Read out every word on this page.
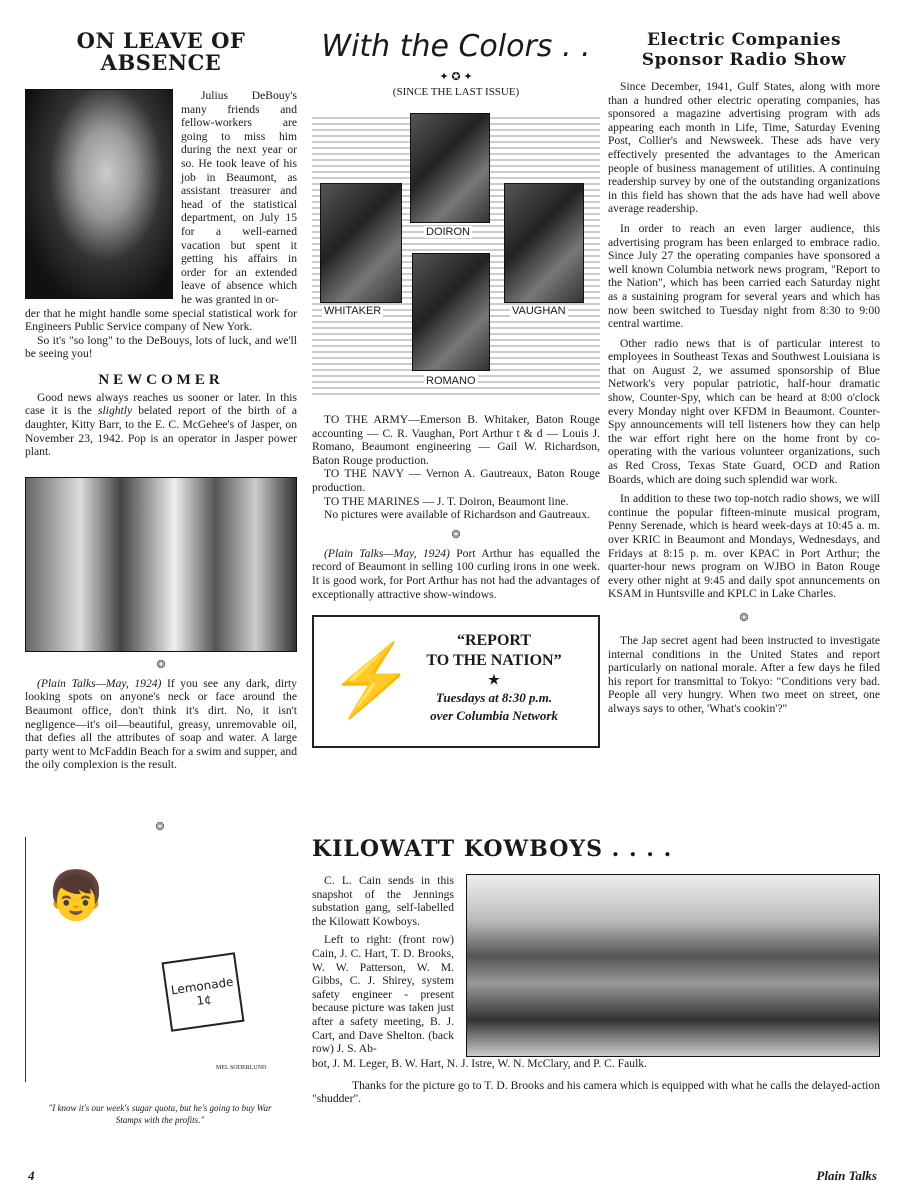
ON LEAVE OF ABSENCE

Julius DeBouy's many friends and fellow-workers are going to miss him during the next year or so. He took leave of his job in Beaumont, as assistant treasurer and head of the statistical department, on July 15 for a well-earned vacation but spent it getting his affairs in order for an extended leave of absence which he was granted in or-

der that he might handle some special statistical work for Engineers Public Service company of New York.

So it's "so long" to the DeBouys, lots of luck, and we'll be seeing you!

NEWCOMER

Good news always reaches us sooner or later. In this case it is the slightly belated report of the birth of a daughter, Kitty Barr, to the E. C. McGehee's of Jasper, on November 23, 1942. Pop is an operator in Jasper power plant.

❂

(Plain Talks—May, 1924) If you see any dark, dirty looking spots on anyone's neck or face around the Beaumont office, don't think it's dirt. No, it isn't negligence—it's oil—beautiful, greasy, unremovable oil, that defies all the attributes of soap and water. A large party went to McFaddin Beach for a swim and supper, and the oily complexion is the result.

With the Colors . .
✦ ✪ ✦
(SINCE THE LAST ISSUE)
DOIRON
WHITAKER	VAUGHAN
ROMANO

TO THE ARMY—Emerson B. Whitaker, Baton Rouge accounting — C. R. Vaughan, Port Arthur t & d — Louis J. Romano, Beaumont engineering — Gail W. Richardson, Baton Rouge production.

TO THE NAVY — Vernon A. Gautreaux, Baton Rouge production.

TO THE MARINES — J. T. Doiron, Beaumont line.

No pictures were available of Richardson and Gautreaux.

❂

(Plain Talks—May, 1924) Port Arthur has equalled the record of Beaumont in selling 100 curling irons in one week. It is good work, for Port Arthur has not had the advantages of exceptionally attractive show-windows.

⚡
“REPORT
TO THE NATION”
★
Tuesdays at 8:30 p.m.
over Columbia Network
Electric Companies Sponsor Radio Show

Since December, 1941, Gulf States, along with more than a hundred other electric operating companies, has sponsored a magazine advertising program with ads appearing each month in Life, Time, Saturday Evening Post, Collier's and Newsweek. These ads have very effectively presented the advantages to the American people of business management of utilities. A continuing readership survey by one of the outstanding organizations in this field has shown that the ads have had well above average readership.

In order to reach an even larger audience, this advertising program has been enlarged to embrace radio. Since July 27 the operating companies have sponsored a well known Columbia network news program, "Report to the Nation", which has been carried each Saturday night as a sustaining program for several years and which has now been switched to Tuesday night from 8:30 to 9:00 central wartime.

Other radio news that is of particular interest to employees in Southeast Texas and Southwest Louisiana is that on August 2, we assumed sponsorship of Blue Network's very popular patriotic, half-hour dramatic show, Counter-Spy, which can be heard at 8:00 o'clock every Monday night over KFDM in Beaumont. Counter-Spy announcements will tell listeners how they can help the war effort right here on the home front by co-operating with the various volunteer organizations, such as Red Cross, Texas State Guard, OCD and Ration Boards, which are doing such splendid war work.

In addition to these two top-notch radio shows, we will continue the popular fifteen-minute musical program, Penny Serenade, which is heard week-days at 10:45 a. m. over KRIC in Beaumont and Mondays, Wednesdays, and Fridays at 8:15 p. m. over KPAC in Port Arthur; the quarter-hour news program on WJBO in Baton Rouge every other night at 9:45 and daily spot annuncements on KSAM in Huntsville and KPLC in Lake Charles.

❂

The Jap secret agent had been instructed to investigate internal conditions in the United States and report particularly on national morale. After a few days he filed his report for transmittal to Tokyo: "Conditions very bad. People all very hungry. When two meet on street, one always says to other, 'What's cookin'?"

❂
👦
Lemonade 1¢
MEL SODERLUND
"I know it's our week's sugar quota, but he's going to buy War Stamps with the profits."
KILOWATT KOWBOYS . . . .

C. L. Cain sends in this snapshot of the Jennings substation gang, self-labelled the Kilowatt Kowboys.

Left to right: (front row) Cain, J. C. Hart, T. D. Brooks, W. W. Patterson, W. M. Gibbs, C. J. Shirey, system safety engineer - present because picture was taken just after a safety meeting, B. J. Cart, and Dave Shelton. (back row) J. S. Ab-

bot, J. M. Leger, B. W. Hart, N. J. Istre, W. N. McClary, and P. C. Faulk.

Thanks for the picture go to T. D. Brooks and his camera which is equipped with what he calls the delayed-action "shudder".

4	Plain Talks
